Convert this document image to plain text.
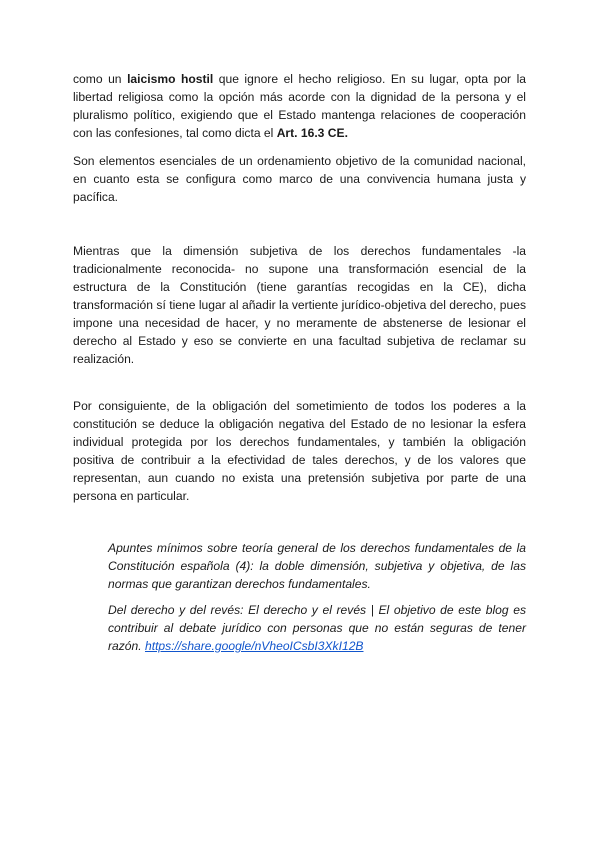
como un laicismo hostil que ignore el hecho religioso. En su lugar, opta por la libertad religiosa como la opción más acorde con la dignidad de la persona y el pluralismo político, exigiendo que el Estado mantenga relaciones de cooperación con las confesiones, tal como dicta el Art. 16.3 CE.

Son elementos esenciales de un ordenamiento objetivo de la comunidad nacional, en cuanto esta se configura como marco de una convivencia humana justa y pacífica.

Mientras que la dimensión subjetiva de los derechos fundamentales -la tradicionalmente reconocida- no supone una transformación esencial de la estructura de la Constitución (tiene garantías recogidas en la CE), dicha transformación sí tiene lugar al añadir la vertiente jurídico-objetiva del derecho, pues impone una necesidad de hacer, y no meramente de abstenerse de lesionar el derecho al Estado y eso se convierte en una facultad subjetiva de reclamar su realización.

Por consiguiente, de la obligación del sometimiento de todos los poderes a la constitución se deduce la obligación negativa del Estado de no lesionar la esfera individual protegida por los derechos fundamentales, y también la obligación positiva de contribuir a la efectividad de tales derechos, y de los valores que representan, aun cuando no exista una pretensión subjetiva por parte de una persona en particular.

Apuntes mínimos sobre teoría general de los derechos fundamentales de la Constitución española (4): la doble dimensión, subjetiva y objetiva, de las normas que garantizan derechos fundamentales.

Del derecho y del revés: El derecho y el revés | El objetivo de este blog es contribuir al debate jurídico con personas que no están seguras de tener razón. https://share.google/nVheoICsbI3XkI12B
